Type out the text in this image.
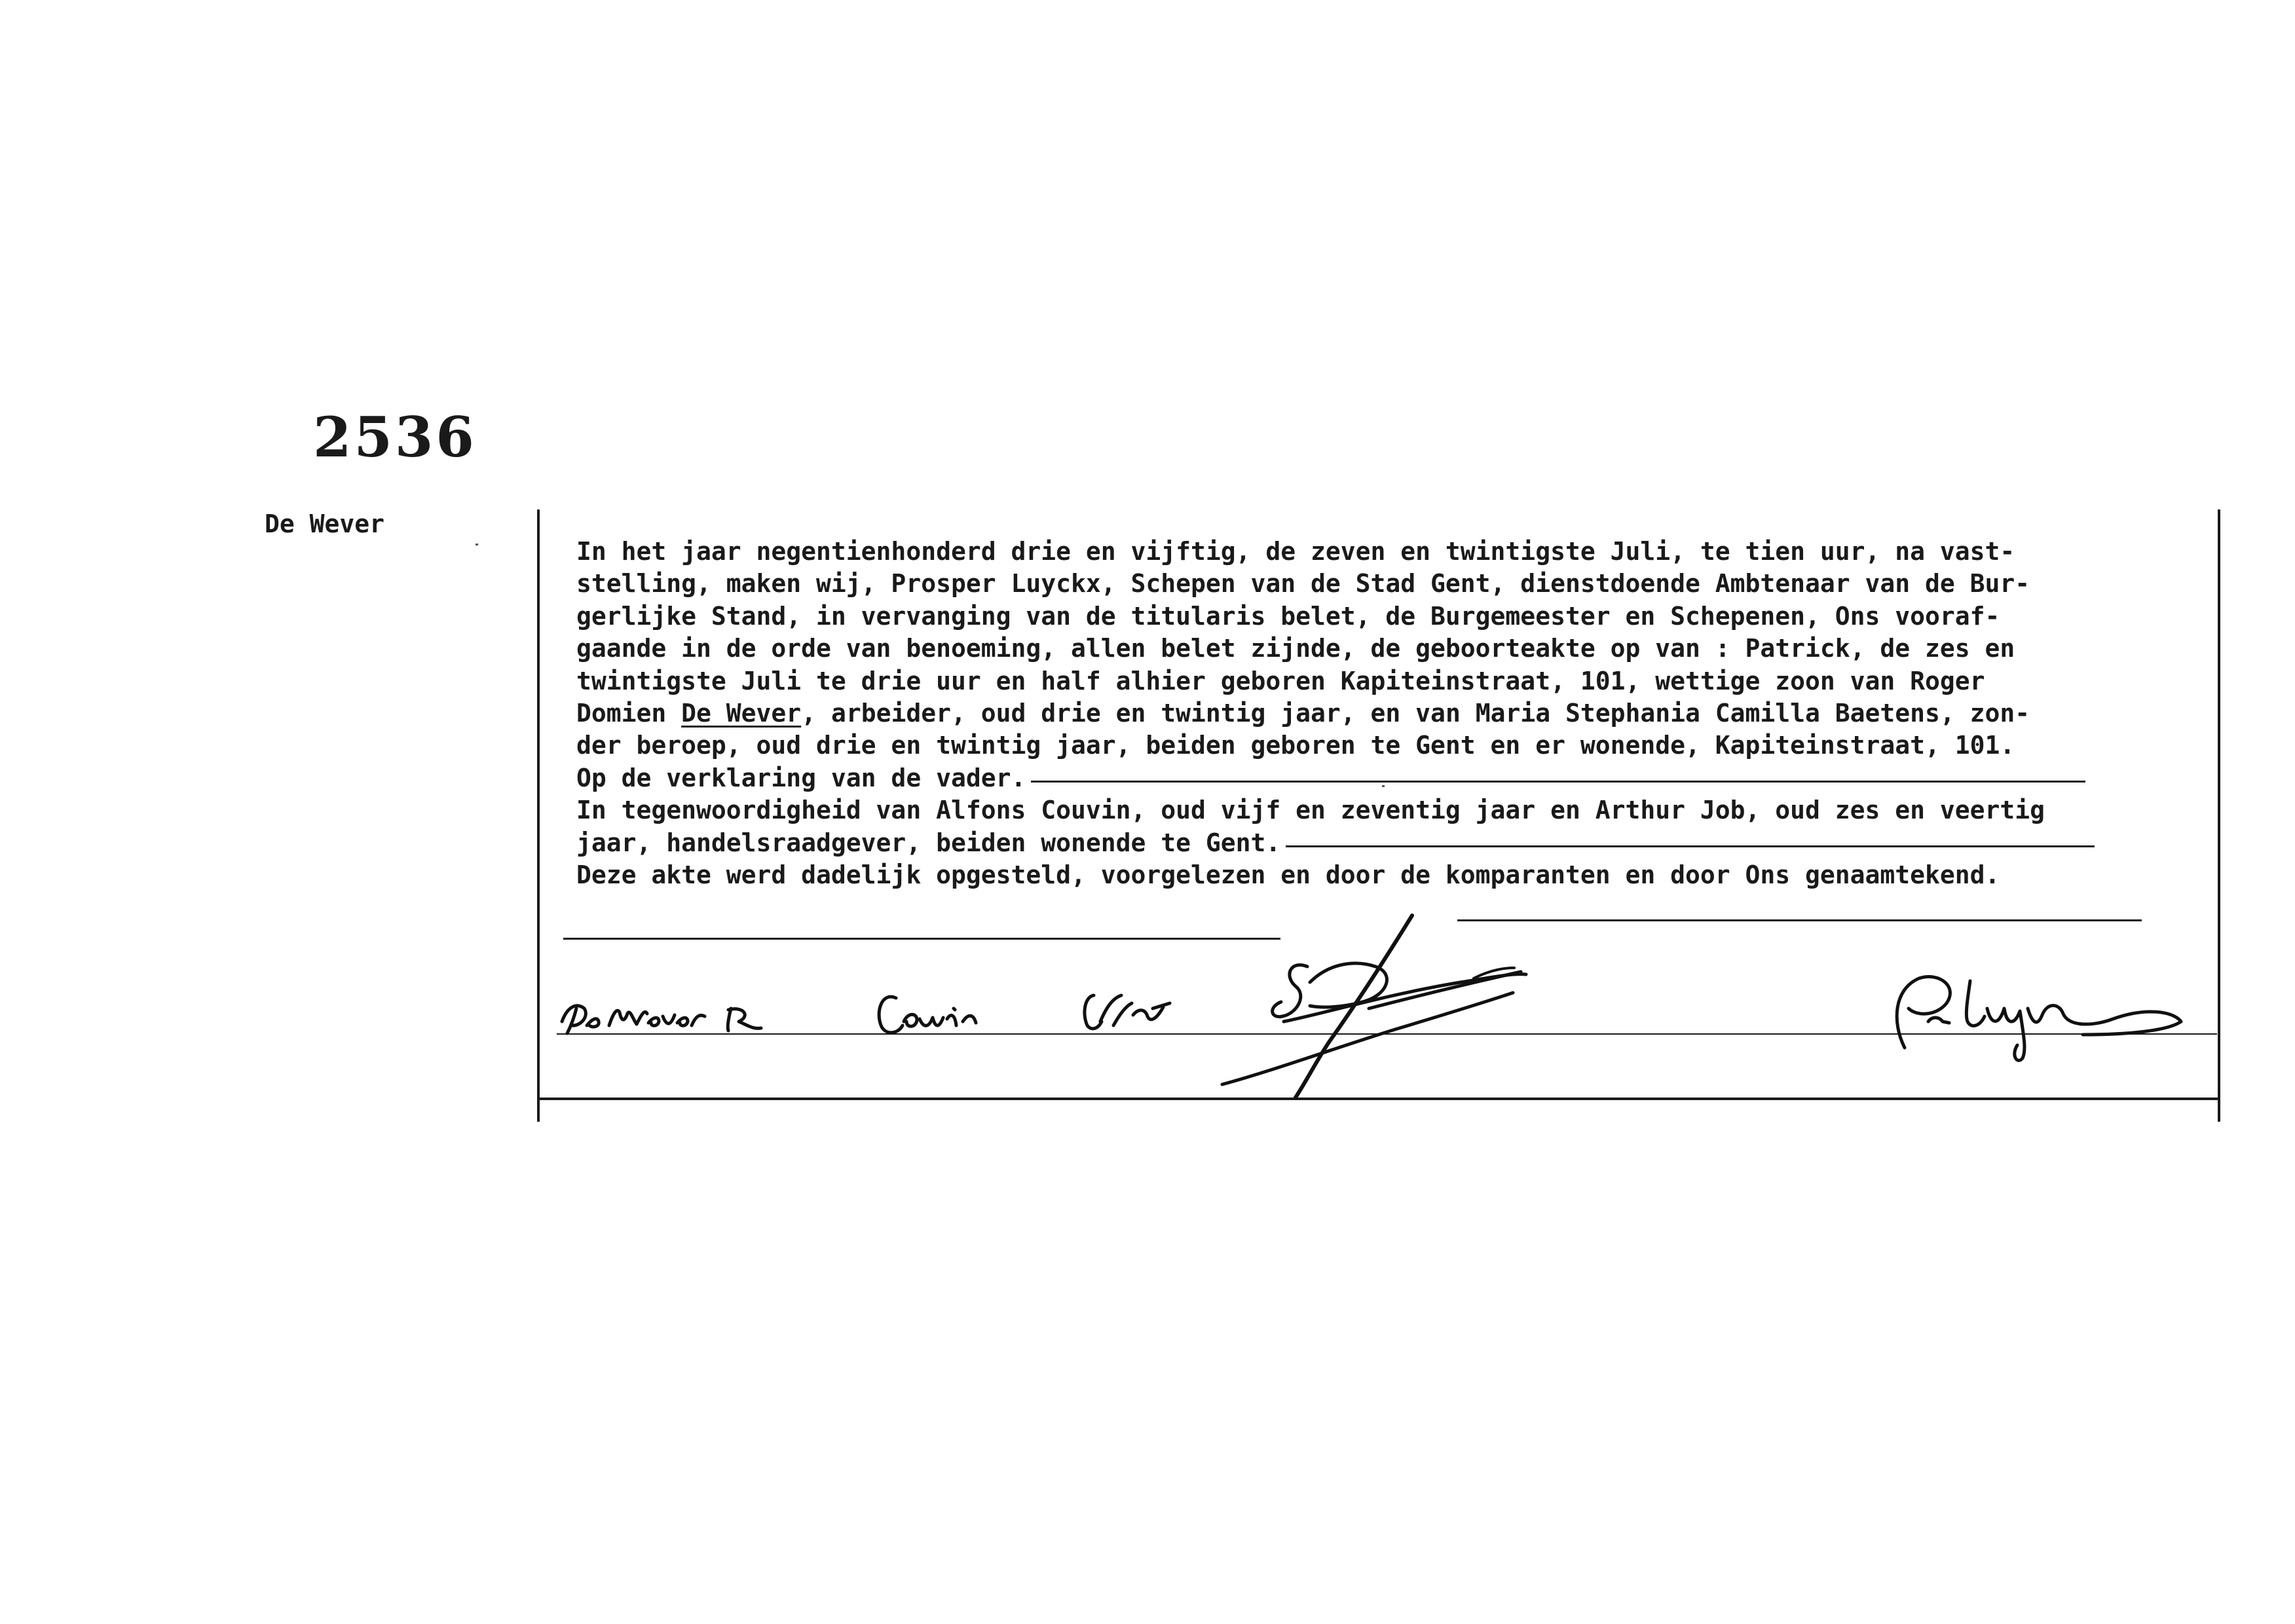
2536
De Wever
In het jaar negentienhonderd drie en vijftig, de zeven en twintigste Juli, te tien uur, na vast-
stelling, maken wij, Prosper Luyckx, Schepen van de Stad Gent, dienstdoende Ambtenaar van de Bur-
gerlijke Stand, in vervanging van de titularis belet, de Burgemeester en Schepenen, Ons vooraf-
gaande in de orde van benoeming, allen belet zijnde, de geboorteakte op van : Patrick, de zes en
twintigste Juli te drie uur en half alhier geboren Kapiteinstraat, 101, wettige zoon van Roger
Domien De Wever, arbeider, oud drie en twintig jaar, en van Maria Stephania Camilla Baetens, zon-
der beroep, oud drie en twintig jaar, beiden geboren te Gent en er wonende, Kapiteinstraat, 101.
Op de verklaring van de vader.
In tegenwoordigheid van Alfons Couvin, oud vijf en zeventig jaar en Arthur Job, oud zes en veertig
jaar, handelsraadgever, beiden wonende te Gent.
Deze akte werd dadelijk opgesteld, voorgelezen en door de komparanten en door Ons genaamtekend.
